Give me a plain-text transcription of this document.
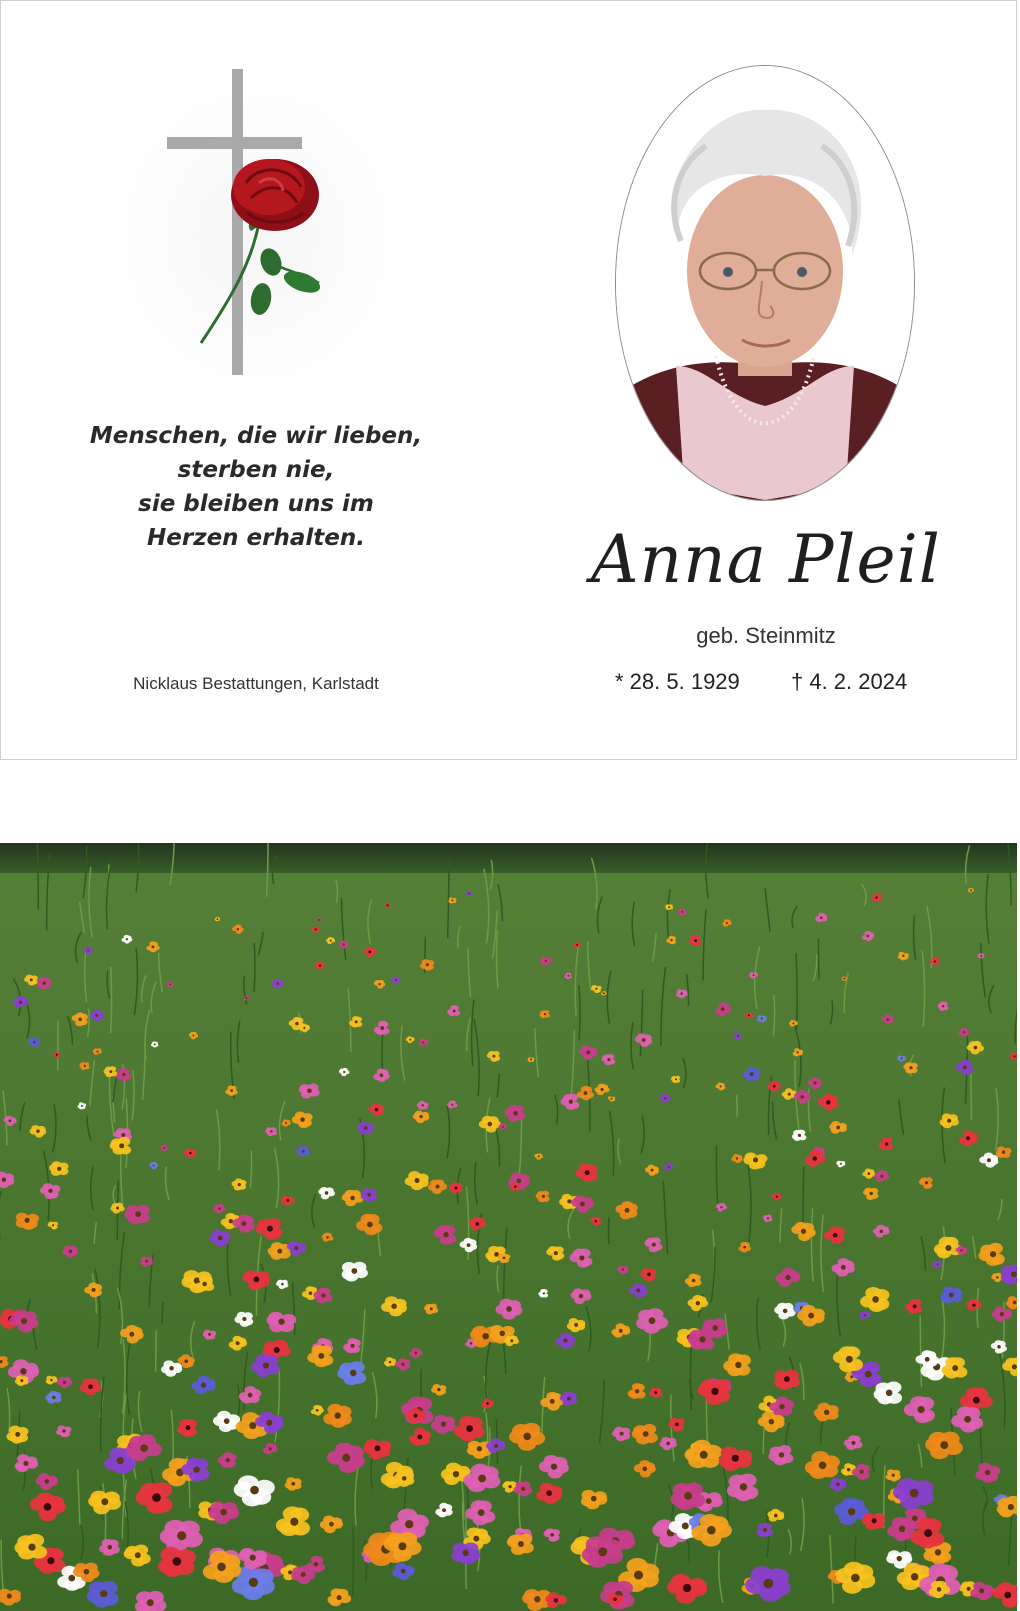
Menschen, die wir lieben,
sterben nie,
sie bleiben uns im
Herzen erhalten.
Nicklaus Bestattungen, Karlstadt
Anna Pleil
geb. Steinmitz
* 28. 5. 1929 † 4. 2. 2024
